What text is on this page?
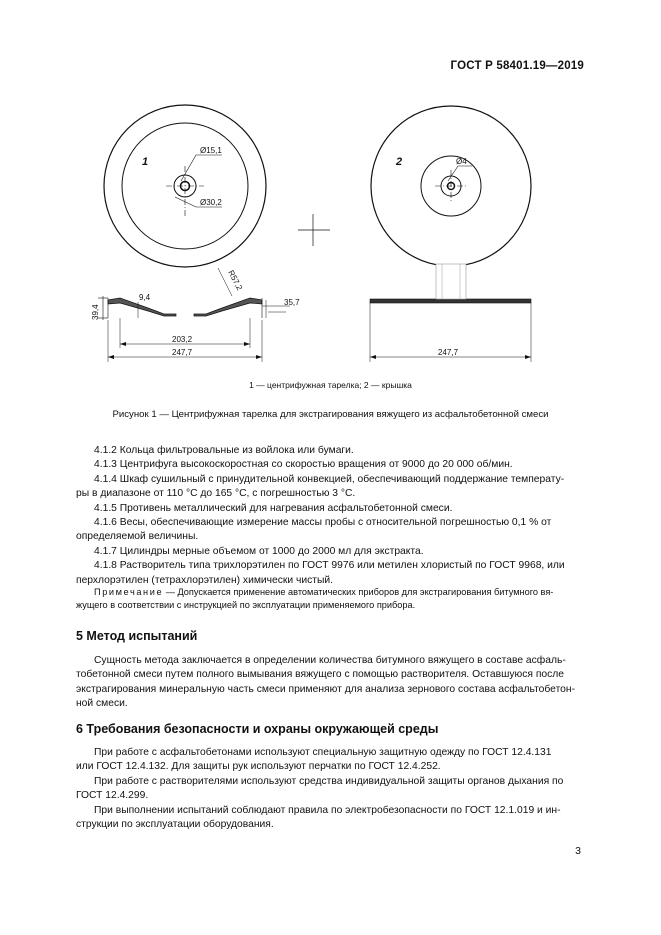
ГОСТ Р 58401.19—2019
1	2
Ø15,1
Ø30,2
Ø4
9,4
R57,2
39,4
35,7
203,2
247,7	247,7
1 — центрифужная тарелка; 2 — крышка
Рисунок 1 — Центрифужная тарелка для экстрагирования вяжущего из асфальтобетонной смеси

4.1.2 Кольца фильтровальные из войлока или бумаги.

4.1.3 Центрифуга высокоскоростная со скоростью вращения от 9000 до 20 000 об/мин.

4.1.4 Шкаф сушильный с принудительной конвекцией, обеспечивающий поддержание температу-

ры в диапазоне от 110 °С до 165 °С, с погрешностью 3 °С.

4.1.5 Противень металлический для нагревания асфальтобетонной смеси.

4.1.6 Весы, обеспечивающие измерение массы пробы с относительной погрешностью 0,1 % от

определяемой величины.

4.1.7 Цилиндры мерные объемом от 1000 до 2000 мл для экстракта.

4.1.8 Растворитель типа трихлорэтилен по ГОСТ 9976 или метилен хлористый по ГОСТ 9968, или

перхлорэтилен (тетрахлорэтилен) химически чистый.

Примечание — Допускается применение автоматических приборов для экстрагирования битумного вя-

жущего в соответствии с инструкцией по эксплуатации применяемого прибора.

5 Метод испытаний

Сущность метода заключается в определении количества битумного вяжущего в составе асфаль-

тобетонной смеси путем полного вымывания вяжущего с помощью растворителя. Оставшуюся после

экстрагирования минеральную часть смеси применяют для анализа зернового состава асфальтобетон-

ной смеси.

6 Требования безопасности и охраны окружающей среды

При работе с асфальтобетонами используют специальную защитную одежду по ГОСТ 12.4.131

или ГОСТ 12.4.132. Для защиты рук используют перчатки по ГОСТ 12.4.252.

При работе с растворителями используют средства индивидуальной защиты органов дыхания по

ГОСТ 12.4.299.

При выполнении испытаний соблюдают правила по электробезопасности по ГОСТ 12.1.019 и ин-

струкции по эксплуатации оборудования.

3
